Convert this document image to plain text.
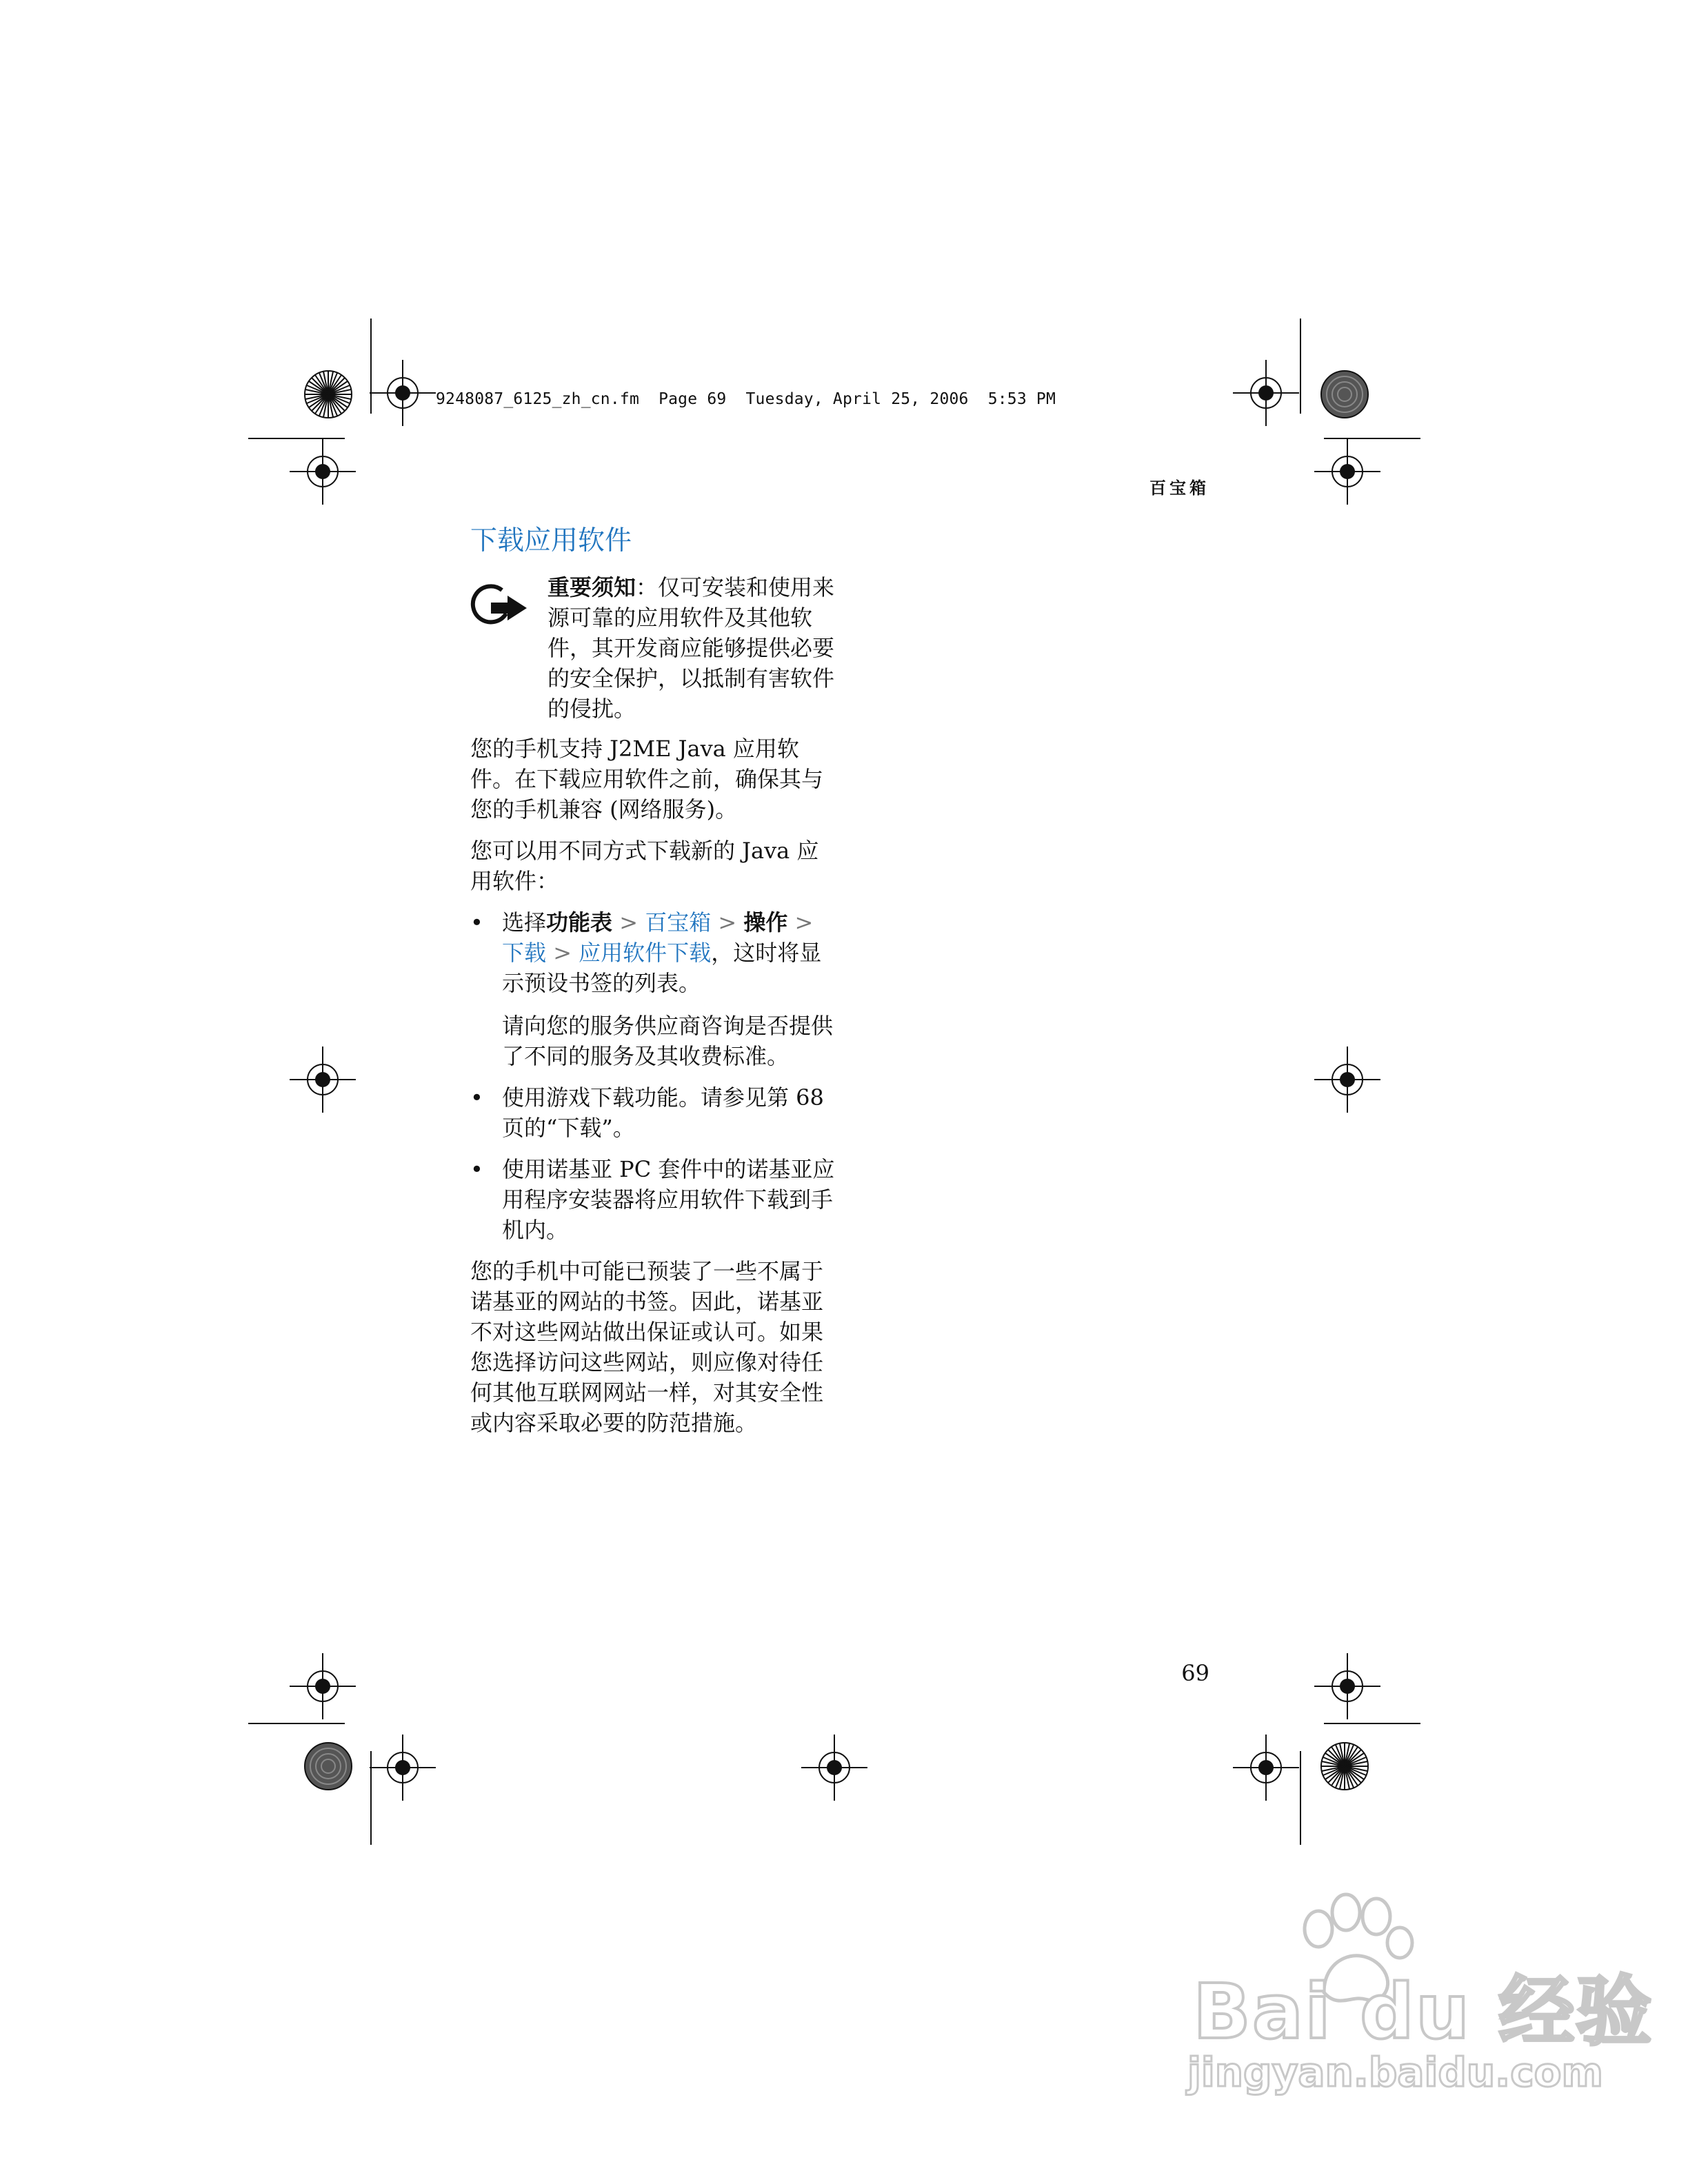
9248087_6125_zh_cn.fm  Page 69  Tuesday, April 25, 2006  5:53 PM
百宝箱
下载应用软件

重要须知：仅可安装和使用来源可靠的应用软件及其他软件，其开发商应能够提供必要的安全保护，以抵制有害软件的侵扰。

您的手机支持 J2ME Java 应用软件。在下载应用软件之前，确保其与您的手机兼容 (网络服务)。

您可以用不同方式下载新的 Java 应用软件：

• 选择功能表 > 百宝箱 > 操作 > 下载 > 应用软件下载，这时将显示预设书签的列表。

请向您的服务供应商咨询是否提供了不同的服务及其收费标准。

• 使用游戏下载功能。请参见第 68 页的“下载”。
• 使用诺基亚 PC 套件中的诺基亚应用程序安装器将应用软件下载到手机内。

您的手机中可能已预装了一些不属于诺基亚的网站的书签。因此，诺基亚不对这些网站做出保证或认可。如果您选择访问这些网站，则应像对待任何其他互联网网站一样，对其安全性或内容采取必要的防范措施。

69
Bai du 经验
jingyan.baidu.com
